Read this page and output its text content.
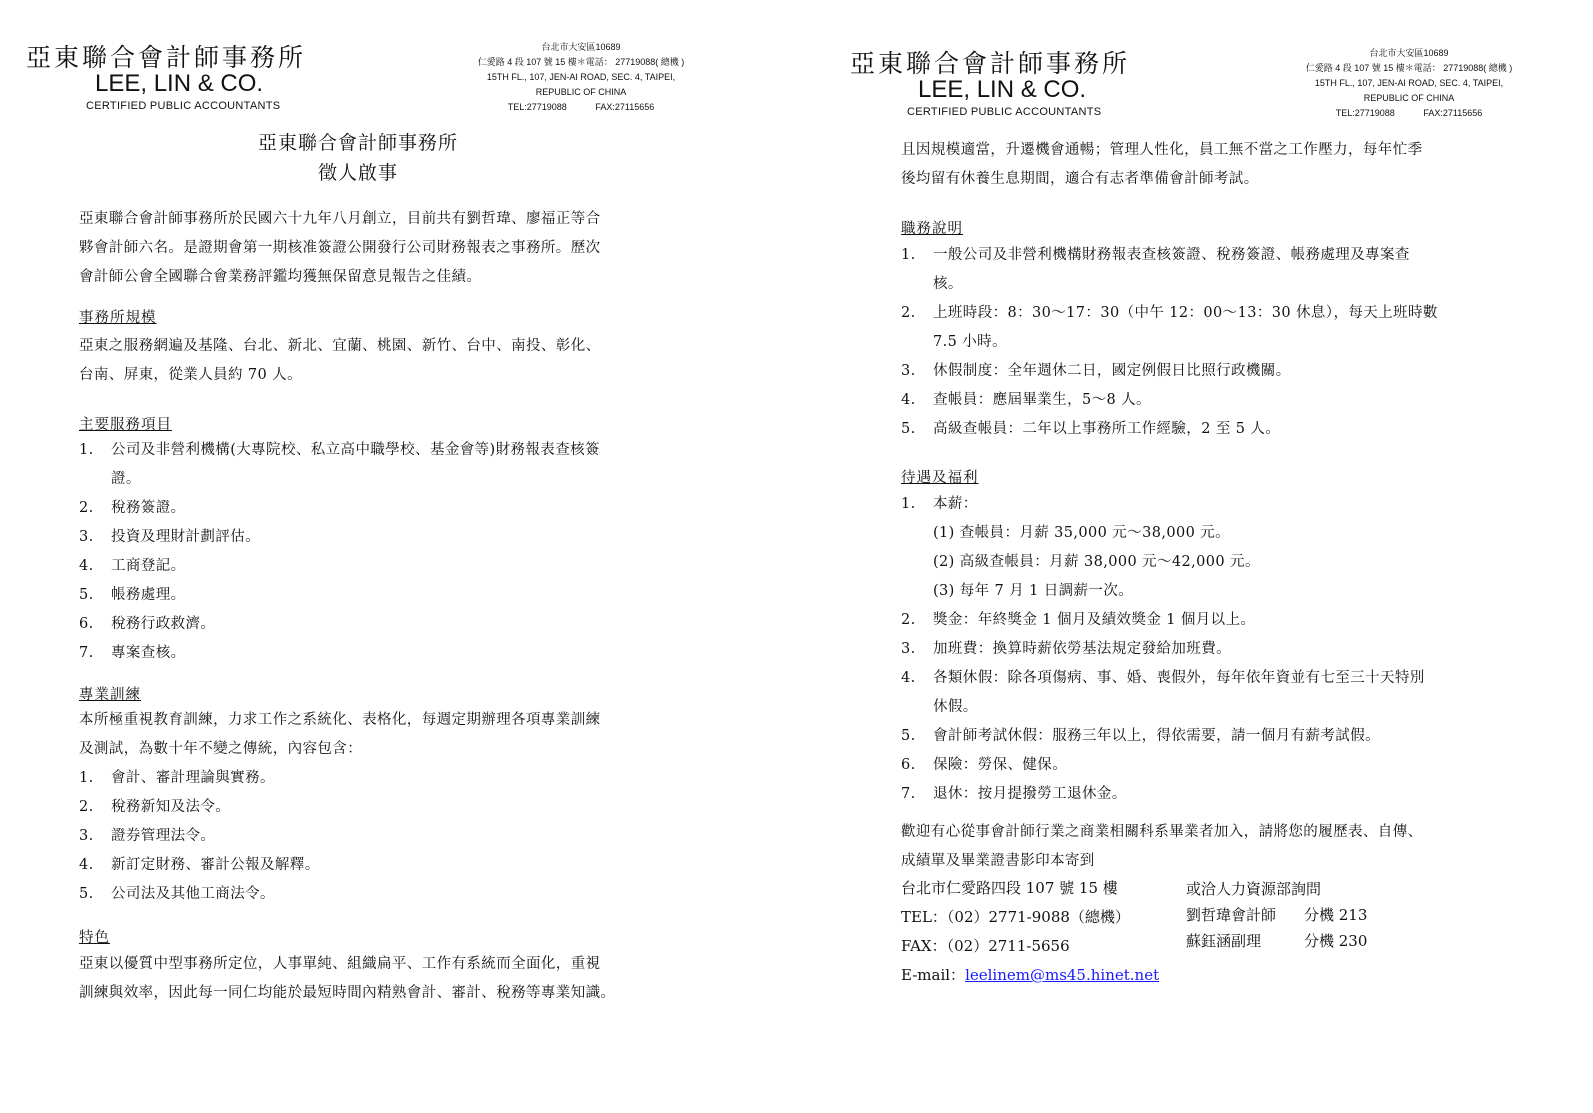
亞東聯合會計師事務所
LEE, LIN & CO.
CERTIFIED PUBLIC ACCOUNTANTS
台北市大安區10689
仁愛路 4 段 107 號 15 樓＊電話： 27719088( 總機 )
15TH FL., 107, JEN-AI ROAD, SEC. 4, TAIPEI,
REPUBLIC OF CHINA
TEL:27719088	FAX:27115656
亞東聯合會計師事務所
徵人啟事
亞東聯合會計師事務所於民國六十九年八月創立，目前共有劉哲瑋、廖福正等合
夥會計師六名。是證期會第一期核准簽證公開發行公司財務報表之事務所。歷次
會計師公會全國聯合會業務評鑑均獲無保留意見報告之佳績。
事務所規模
亞東之服務網遍及基隆、台北、新北、宜蘭、桃園、新竹、台中、南投、彰化、
台南、屏東，從業人員約 70 人。
主要服務項目
1.	公司及非營利機構(大專院校、私立高中職學校、基金會等)財務報表查核簽
證。
2.	稅務簽證。
3.	投資及理財計劃評估。
4.	工商登記。
5.	帳務處理。
6.	稅務行政救濟。
7.	專案查核。
專業訓練
本所極重視教育訓練，力求工作之系統化、表格化，每週定期辦理各項專業訓練
及測試，為數十年不變之傳統，內容包含：
1.	會計、審計理論與實務。
2.	稅務新知及法令。
3.	證券管理法令。
4.	新訂定財務、審計公報及解釋。
5.	公司法及其他工商法令。
特色
亞東以優質中型事務所定位，人事單純、組織扁平、工作有系統而全面化，重視
訓練與效率，因此每一同仁均能於最短時間內精熟會計、審計、稅務等專業知識。
亞東聯合會計師事務所
LEE, LIN & CO.
CERTIFIED PUBLIC ACCOUNTANTS
台北市大安區10689
仁愛路 4 段 107 號 15 樓＊電話： 27719088( 總機 )
15TH FL., 107, JEN-AI ROAD, SEC. 4, TAIPEI,
REPUBLIC OF CHINA
TEL:27719088	FAX:27115656
且因規模適當，升遷機會通暢；管理人性化，員工無不當之工作壓力，每年忙季
後均留有休養生息期間，適合有志者準備會計師考試。
職務說明
1.	一般公司及非營利機構財務報表查核簽證、稅務簽證、帳務處理及專案查
核。
2.	上班時段：8：30～17：30（中午 12：00～13：30 休息），每天上班時數
7.5 小時。
3.	休假制度：全年週休二日，國定例假日比照行政機關。
4.	查帳員：應屆畢業生，5～8 人。
5.	高級查帳員：二年以上事務所工作經驗，2 至 5 人。
待遇及福利
1.	本薪：
(1) 查帳員：月薪 35,000 元～38,000 元。
(2) 高級查帳員：月薪 38,000 元～42,000 元。
(3) 每年 7 月 1 日調薪一次。
2.	獎金：年終獎金 1 個月及績效獎金 1 個月以上。
3.	加班費：換算時薪依勞基法規定發給加班費。
4.	各類休假：除各項傷病、事、婚、喪假外，每年依年資並有七至三十天特別
休假。
5.	會計師考試休假：服務三年以上，得依需要，請一個月有薪考試假。
6.	保險：勞保、健保。
7.	退休：按月提撥勞工退休金。
歡迎有心從事會計師行業之商業相關科系畢業者加入，請將您的履歷表、自傳、
成績單及畢業證書影印本寄到
台北市仁愛路四段 107 號 15 樓
TEL：（02）2771-9088（總機）
FAX：（02）2711-5656
E-mail：leelinem@ms45.hinet.net
或洽人力資源部詢問
劉哲瑋會計師	分機 213
蘇鈺涵副理	分機 230
